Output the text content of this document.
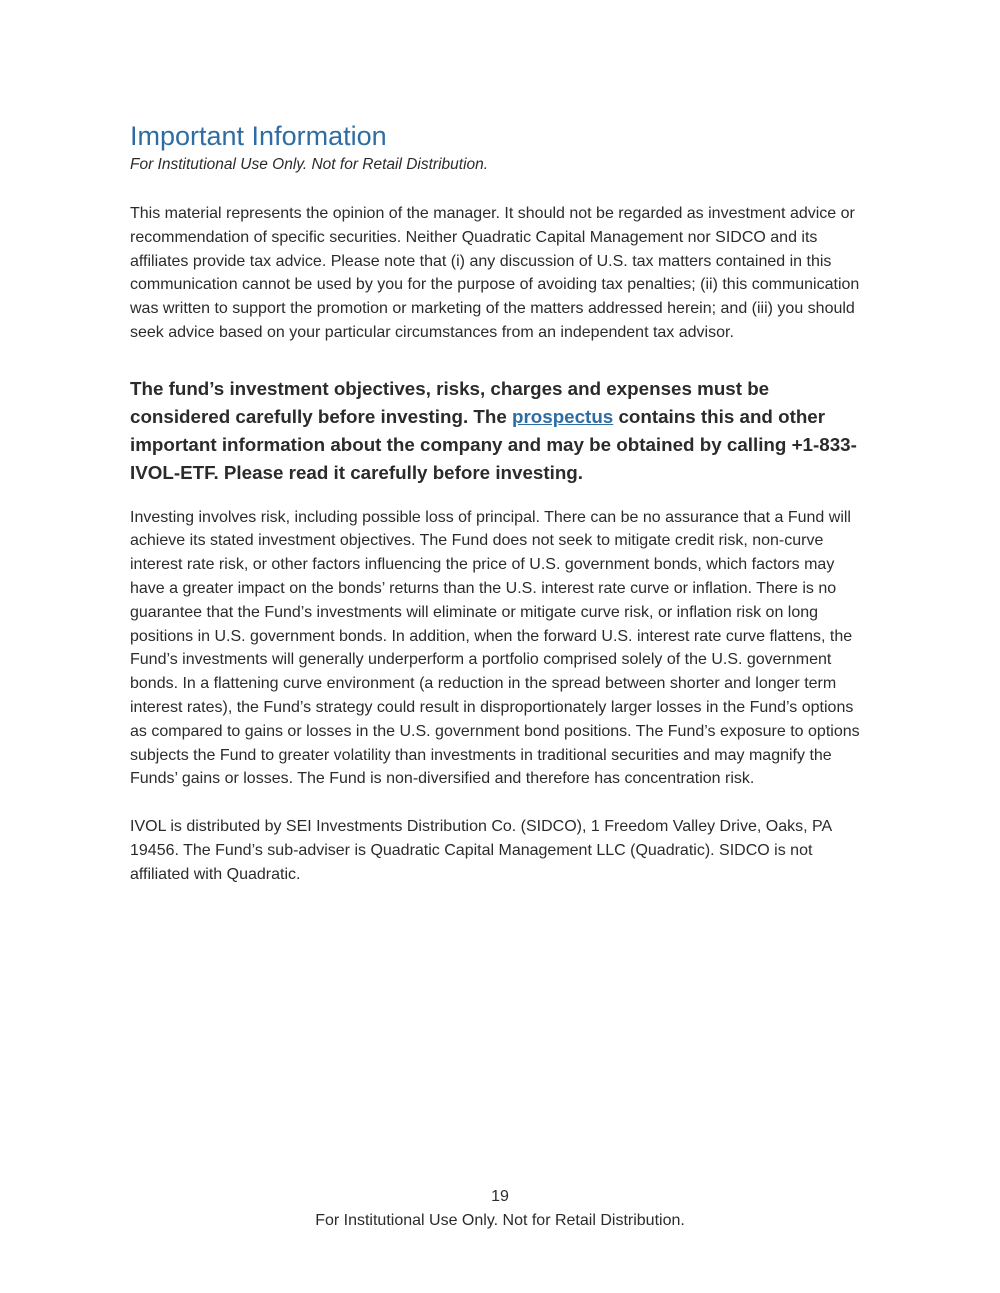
Important Information

For Institutional Use Only. Not for Retail Distribution.

This material represents the opinion of the manager. It should not be regarded as investment advice or recommendation of specific securities. Neither Quadratic Capital Management nor SIDCO and its affiliates provide tax advice. Please note that (i) any discussion of U.S. tax matters contained in this communication cannot be used by you for the purpose of avoiding tax penalties; (ii) this communication was written to support the promotion or marketing of the matters addressed herein; and (iii) you should seek advice based on your particular circumstances from an independent tax advisor.

The fund’s investment objectives, risks, charges and expenses must be considered carefully before investing. The prospectus contains this and other important information about the company and may be obtained by calling +1-833-IVOL-ETF. Please read it carefully before investing.

Investing involves risk, including possible loss of principal. There can be no assurance that a Fund will achieve its stated investment objectives. The Fund does not seek to mitigate credit risk, non-curve interest rate risk, or other factors influencing the price of U.S. government bonds, which factors may have a greater impact on the bonds’ returns than the U.S. interest rate curve or inflation. There is no guarantee that the Fund’s investments will eliminate or mitigate curve risk, or inflation risk on long positions in U.S. government bonds. In addition, when the forward U.S. interest rate curve flattens, the Fund’s investments will generally underperform a portfolio comprised solely of the U.S. government bonds. In a flattening curve environment (a reduction in the spread between shorter and longer term interest rates), the Fund’s strategy could result in disproportionately larger losses in the Fund’s options as compared to gains or losses in the U.S. government bond positions. The Fund’s exposure to options subjects the Fund to greater volatility than investments in traditional securities and may magnify the Funds’ gains or losses. The Fund is non-diversified and therefore has concentration risk.

IVOL is distributed by SEI Investments Distribution Co. (SIDCO), 1 Freedom Valley Drive, Oaks, PA 19456. The Fund’s sub-adviser is Quadratic Capital Management LLC (Quadratic). SIDCO is not affiliated with Quadratic.

19
For Institutional Use Only. Not for Retail Distribution.
